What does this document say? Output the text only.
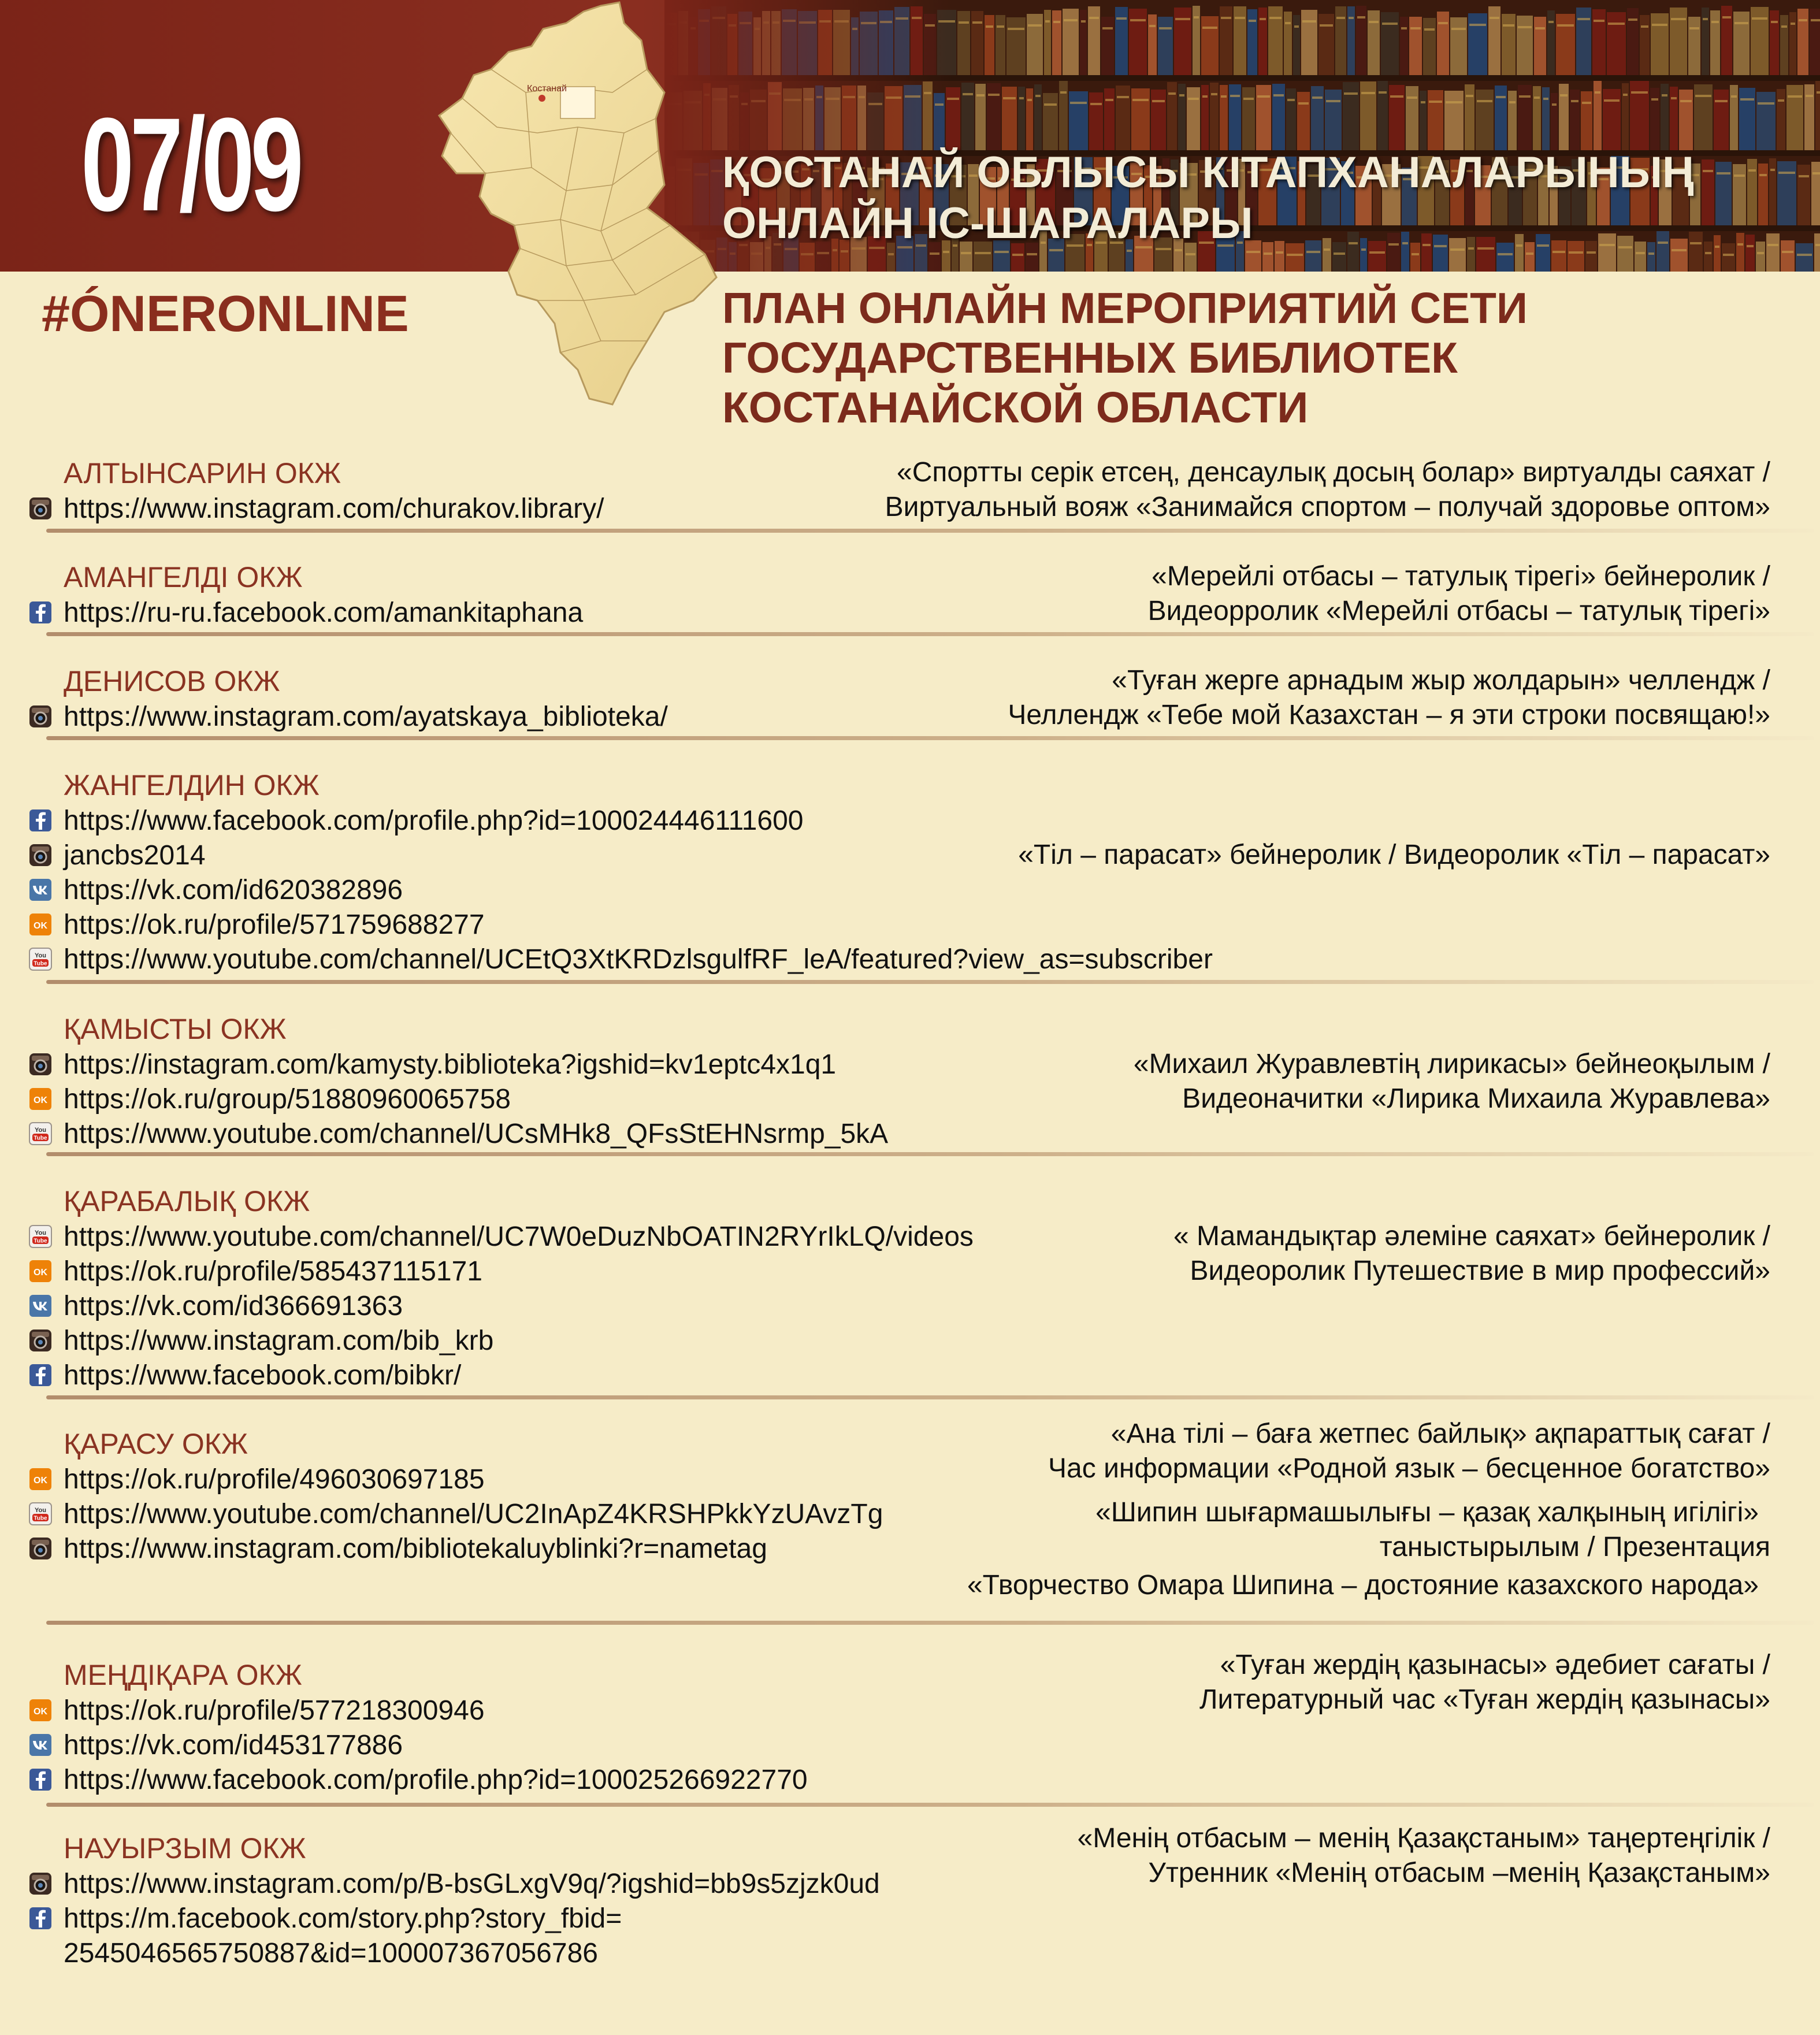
07/09	ҚОСТАНАЙ ОБЛЫСЫ КІТАПХАНАЛАРЫНЫҢ
ОНЛАЙН ІС-ШАРАЛАРЫ
Костанай
#ÓNERONLINE	ПЛАН ОНЛАЙН МЕРОПРИЯТИЙ СЕТИ
ГОСУДАРСТВЕННЫХ БИБЛИОТЕК
КОСТАНАЙСКОЙ ОБЛАСТИ
АЛТЫНСАРИН ОКЖ
https://www.instagram.com/churakov.library/
«Спортты серік етсең, денсаулық досың болар» виртуалды саяхат /
Виртуальный вояж «Занимайся спортом – получай здоровье оптом»
АМАНГЕЛДІ ОКЖ
https://ru-ru.facebook.com/amankitaphana
«Мерейлі отбасы – татулық тірегі» бейнеролик /
Видеорролик «Мерейлі отбасы – татулық тірегі»
ДЕНИСОВ ОКЖ
https://www.instagram.com/ayatskaya_biblioteka/
«Туған жерге арнадым жыр жолдарын» челлендж /
Челлендж «Тебе мой Казахстан – я эти строки посвящаю!»
ЖАНГЕЛДИН ОКЖ
https://www.facebook.com/profile.php?id=100024446111600
jancbs2014
https://vk.com/id620382896
OK https://ok.ru/profile/571759688277
You
Tube https://www.youtube.com/channel/UCEtQ3XtKRDzlsgulfRF_leA/featured?view_as=subscriber
«Тіл – парасат» бейнеролик / Видеоролик «Тіл – парасат»
ҚАМЫСТЫ ОКЖ
https://instagram.com/kamysty.biblioteka?igshid=kv1eptc4x1q1
OK https://ok.ru/group/51880960065758
You
Tube https://www.youtube.com/channel/UCsMHk8_QFsStEHNsrmp_5kA
«Михаил Журавлевтің лирикасы» бейнеоқылым /
Видеоначитки «Лирика Михаила Журавлева»
ҚАРАБАЛЫҚ ОКЖ
You
Tube https://www.youtube.com/channel/UC7W0eDuzNbOATIN2RYrIkLQ/videos
OK https://ok.ru/profile/585437115171
https://vk.com/id366691363
https://www.instagram.com/bib_krb
https://www.facebook.com/bibkr/
« Мамандықтар әлеміне саяхат» бейнеролик /
Видеоролик Путешествие в мир профессий»
ҚАРАСУ ОКЖ
OK https://ok.ru/profile/496030697185
You
Tube https://www.youtube.com/channel/UC2InApZ4KRSHPkkYzUAvzTg
https://www.instagram.com/bibliotekaluyblinki?r=nametag
«Ана тілі – баға жетпес байлық» ақпараттық сағат /
Час информации «Родной язык – бесценное богатство»
«Шипин шығармашылығы – қазақ халқының игілігі»
таныстырылым / Презентация
«Творчество Омара Шипина – достояние казахского народа»
МЕҢДІҚАРА ОКЖ
OK https://ok.ru/profile/577218300946
https://vk.com/id453177886
https://www.facebook.com/profile.php?id=100025266922770
«Туған жердің қазынасы» әдебиет сағаты /
Литературный час «Туған жердің қазынасы»
НАУЫРЗЫМ ОКЖ
https://www.instagram.com/p/B-bsGLxgV9q/?igshid=bb9s5zjzk0ud
https://m.facebook.com/story.php?story_fbid=
2545046565750887&id=100007367056786
«Менің отбасым – менің Қазақстаным» таңертеңгілік /
Утренник «Менің отбасым –менің Қазақстаным»
